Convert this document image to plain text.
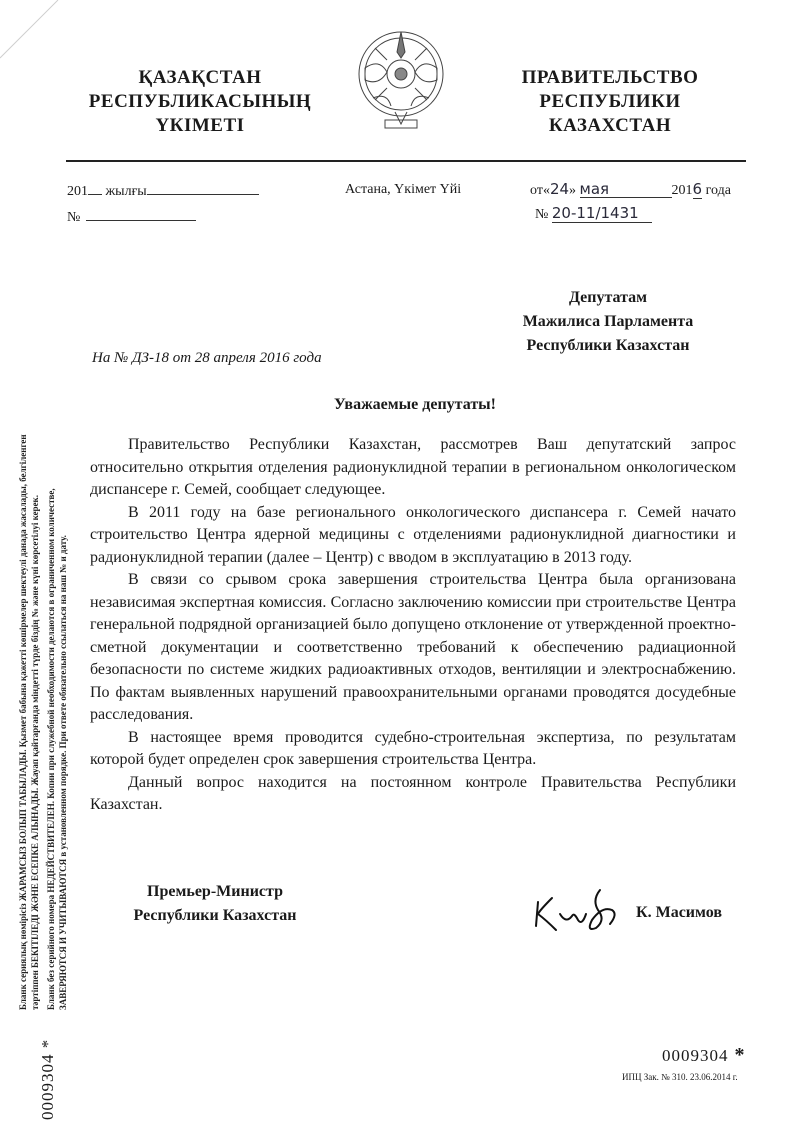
ҚАЗАҚСТАН
РЕСПУБЛИКАСЫНЫҢ
ҮКІМЕТІ
ПРАВИТЕЛЬСТВО
РЕСПУБЛИКИ
КАЗАХСТАН
201 жылғы
№
Астана, Үкімет Үйі	от«24» мая	2016 года
№ 20-11/1431
Депутатам
Мажилиса Парламента
Республики Казахстан
На № ДЗ-18 от 28 апреля 2016 года
Уважаемые депутаты!

Правительство Республики Казахстан, рассмотрев Ваш депутатский запрос относительно открытия отделения радионуклидной терапии в региональном онкологическом диспансере г. Семей, сообщает следующее.

В 2011 году на базе регионального онкологического диспансера г. Семей начато строительство Центра ядерной медицины с отделениями радионуклидной диагностики и радионуклидной терапии (далее – Центр) с вводом в эксплуатацию в 2013 году.

В связи со срывом срока завершения строительства Центра была организована независимая экспертная комиссия. Согласно заключению комиссии при строительстве Центра генеральной подрядной организацией было допущено отклонение от утвержденной проектно-сметной документации и соответственно требований к обеспечению радиационной безопасности по системе жидких радиоактивных отходов, вентиляции и электроснабжению. По фактам выявленных нарушений правоохранительными органами проводятся досудебные расследования.

В настоящее время проводится судебно-строительная экспертиза, по результатам которой будет определен срок завершения строительства Центра.

Данный вопрос находится на постоянном контроле Правительства Республики Казахстан.

Премьер-Министр
Республики Казахстан	К. Масимов
0009304 *
ИПЦ Зак. № 310. 23.06.2014 г.
Бланк сериялық нөмірісіз ЖАРАМСЫЗ БОЛЫП ТАБЫЛАДЫ. Қызмет бабына қажетті көшірмелер шектеулі данада жасалады, белгіленген тәртіппен БЕКІТІЛЕДІ ЖӘНЕ ЕСЕПКЕ АЛЫНАДЫ. Жауап қайтарғанда міндетті түрде біздің № және күні көрсетілуі керек. Бланк без серийного номера НЕДЕЙСТВИТЕЛЕН. Копии при служебной необходимости делаются в ограниченном количестве, ЗАВЕРЯЮТСЯ И УЧИТЫВАЮТСЯ в установленном порядке. При ответе обязательно ссылаться на наш № и дату.
0009304 *
